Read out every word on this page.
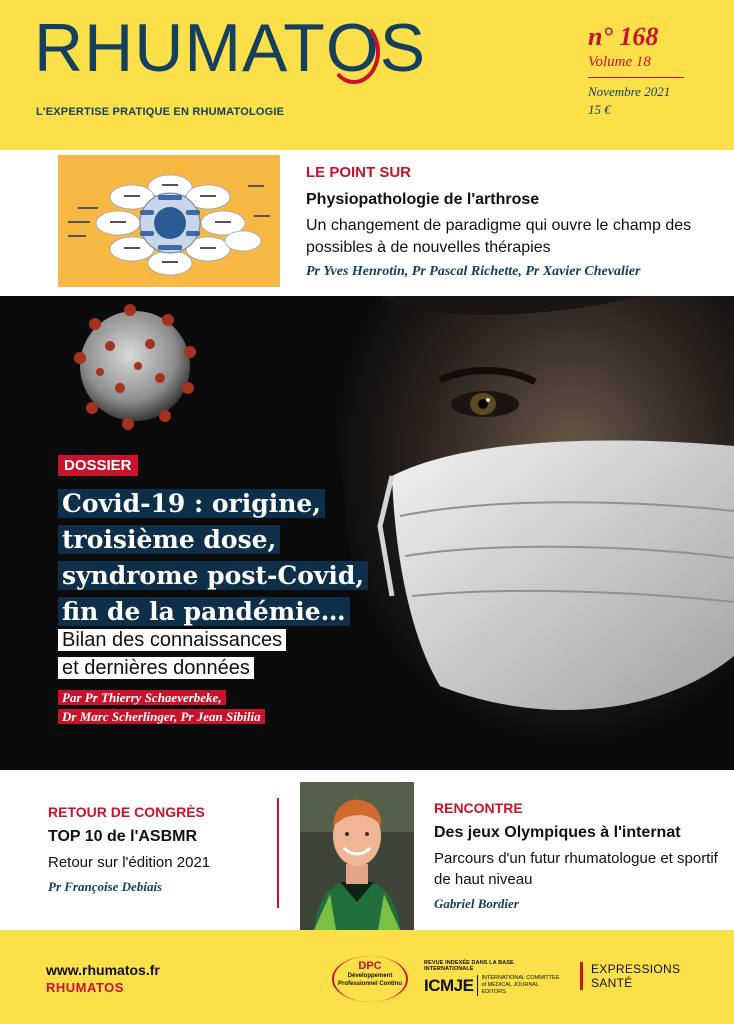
RHUMATOS
L'EXPERTISE PRATIQUE EN RHUMATOLOGIE
n° 168
Volume 18
Novembre 2021
15 €
LE POINT SUR
Physiopathologie de l'arthrose
Un changement de paradigme qui ouvre le champ des possibles à de nouvelles thérapies
Pr Yves Henrotin, Pr Pascal Richette, Pr Xavier Chevalier
DOSSIER
Covid-19 : origine,
troisième dose,
syndrome post-Covid,
fin de la pandémie…
Bilan des connaissances
et dernières données
Par Pr Thierry Schaeverbeke,
Dr Marc Scherlinger, Pr Jean Sibilia
RETOUR DE CONGRÈS
TOP 10 de l'ASBMR
Retour sur l'édition 2021
Pr Françoise Debiais
RENCONTRE
Des jeux Olympiques à l'internat
Parcours d'un futur rhumatologue et sportif de haut niveau
Gabriel Bordier
www.rhumatos.fr
RHUMATOS
DPC
Développement Professionnel Continu
REVUE INDEXÉE DANS LA BASE INTERNATIONALE
ICMJE	INTERNATIONAL COMMITTEE of MEDICAL JOURNAL EDITORS
EXPRESSIONS
SANTÉ
